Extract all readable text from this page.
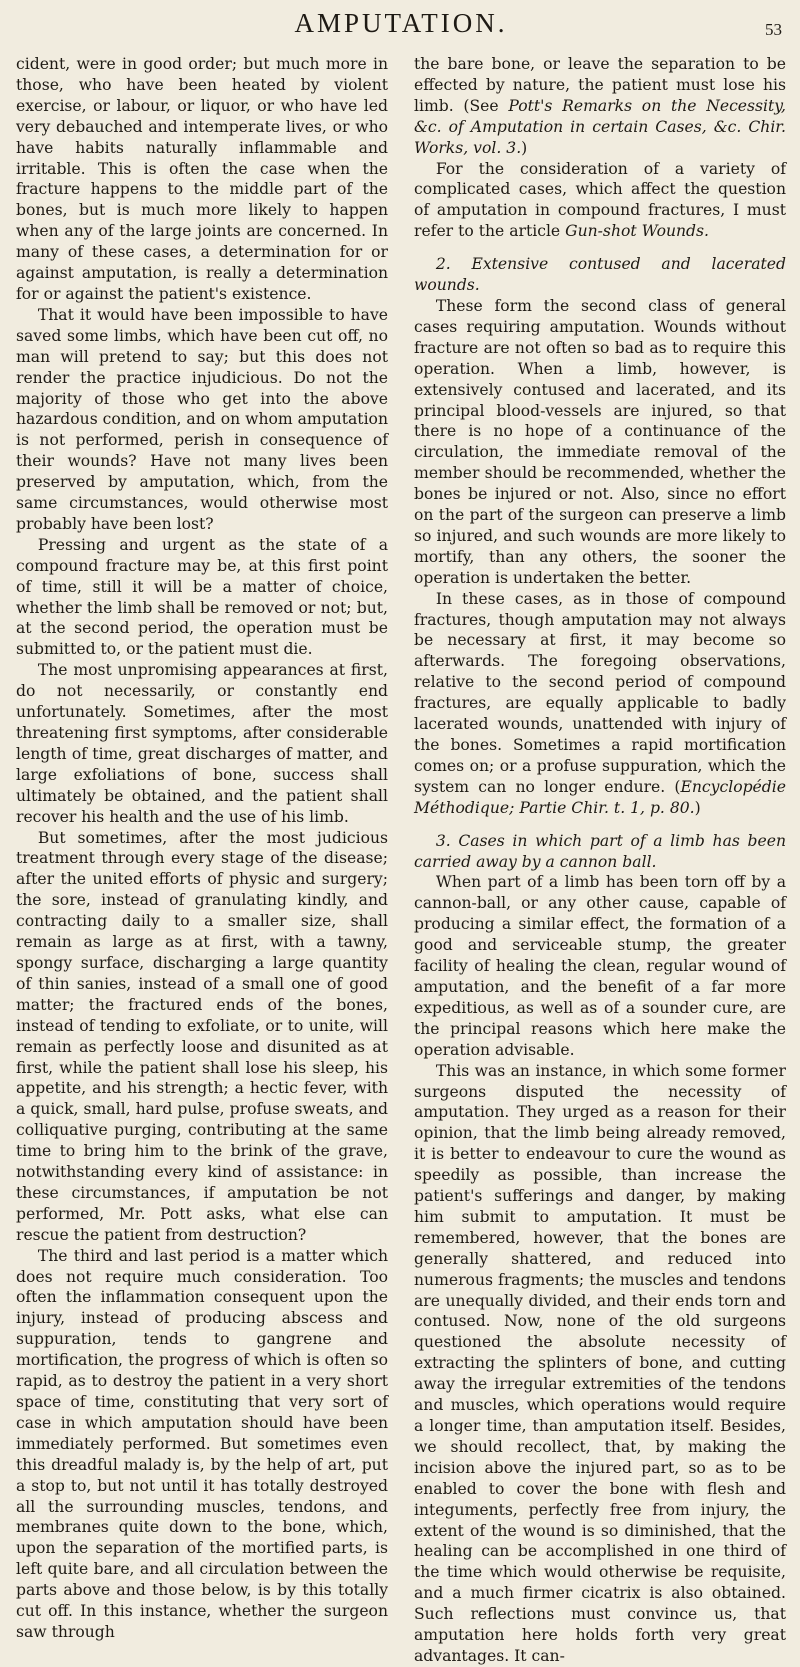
AMPUTATION.	53

cident, were in good order; but much more in those, who have been heated by violent exercise, or labour, or liquor, or who have led very debauched and intemperate lives, or who have habits naturally inflammable and irritable. This is often the case when the fracture happens to the middle part of the bones, but is much more likely to happen when any of the large joints are concerned. In many of these cases, a determination for or against amputation, is really a determination for or against the patient's existence.

That it would have been impossible to have saved some limbs, which have been cut off, no man will pretend to say; but this does not render the practice injudicious. Do not the majority of those who get into the above hazardous condition, and on whom amputation is not performed, perish in consequence of their wounds? Have not many lives been preserved by amputation, which, from the same circumstances, would otherwise most probably have been lost?

Pressing and urgent as the state of a compound fracture may be, at this first point of time, still it will be a matter of choice, whether the limb shall be removed or not; but, at the second period, the operation must be submitted to, or the patient must die.

The most unpromising appearances at first, do not necessarily, or constantly end unfortunately. Sometimes, after the most threatening first symptoms, after considerable length of time, great discharges of matter, and large exfoliations of bone, success shall ultimately be obtained, and the patient shall recover his health and the use of his limb.

But sometimes, after the most judicious treatment through every stage of the disease; after the united efforts of physic and surgery; the sore, instead of granulating kindly, and contracting daily to a smaller size, shall remain as large as at first, with a tawny, spongy surface, discharging a large quantity of thin sanies, instead of a small one of good matter; the fractured ends of the bones, instead of tending to exfoliate, or to unite, will remain as perfectly loose and disunited as at first, while the patient shall lose his sleep, his appetite, and his strength; a hectic fever, with a quick, small, hard pulse, profuse sweats, and colliquative purging, contributing at the same time to bring him to the brink of the grave, notwithstanding every kind of assistance: in these circumstances, if amputation be not performed, Mr. Pott asks, what else can rescue the patient from destruction?

The third and last period is a matter which does not require much consideration. Too often the inflammation consequent upon the injury, instead of producing abscess and suppuration, tends to gangrene and mortification, the progress of which is often so rapid, as to destroy the patient in a very short space of time, constituting that very sort of case in which amputation should have been immediately performed. But sometimes even this dreadful malady is, by the help of art, put a stop to, but not until it has totally destroyed all the surrounding muscles, tendons, and membranes quite down to the bone, which, upon the separation of the mortified parts, is left quite bare, and all circulation between the parts above and those below, is by this totally cut off. In this instance, whether the surgeon saw through

the bare bone, or leave the separation to be effected by nature, the patient must lose his limb. (See Pott's Remarks on the Necessity, &c. of Amputation in certain Cases, &c. Chir. Works, vol. 3.)

For the consideration of a variety of complicated cases, which affect the question of amputation in compound fractures, I must refer to the article Gun-shot Wounds.

2. Extensive contused and lacerated wounds.

These form the second class of general cases requiring amputation. Wounds without fracture are not often so bad as to require this operation. When a limb, however, is extensively contused and lacerated, and its principal blood-vessels are injured, so that there is no hope of a continuance of the circulation, the immediate removal of the member should be recommended, whether the bones be injured or not. Also, since no effort on the part of the surgeon can preserve a limb so injured, and such wounds are more likely to mortify, than any others, the sooner the operation is undertaken the better.

In these cases, as in those of compound fractures, though amputation may not always be necessary at first, it may become so afterwards. The foregoing observations, relative to the second period of compound fractures, are equally applicable to badly lacerated wounds, unattended with injury of the bones. Sometimes a rapid mortification comes on; or a profuse suppuration, which the system can no longer endure. (Encyclopédie Méthodique; Partie Chir. t. 1, p. 80.)

3. Cases in which part of a limb has been carried away by a cannon ball.

When part of a limb has been torn off by a cannon-ball, or any other cause, capable of producing a similar effect, the formation of a good and serviceable stump, the greater facility of healing the clean, regular wound of amputation, and the benefit of a far more expeditious, as well as of a sounder cure, are the principal reasons which here make the operation advisable.

This was an instance, in which some former surgeons disputed the necessity of amputation. They urged as a reason for their opinion, that the limb being already removed, it is better to endeavour to cure the wound as speedily as possible, than increase the patient's sufferings and danger, by making him submit to amputation. It must be remembered, however, that the bones are generally shattered, and reduced into numerous fragments; the muscles and tendons are unequally divided, and their ends torn and contused. Now, none of the old surgeons questioned the absolute necessity of extracting the splinters of bone, and cutting away the irregular extremities of the tendons and muscles, which operations would require a longer time, than amputation itself. Besides, we should recollect, that, by making the incision above the injured part, so as to be enabled to cover the bone with flesh and integuments, perfectly free from injury, the extent of the wound is so diminished, that the healing can be accomplished in one third of the time which would otherwise be requisite, and a much firmer cicatrix is also obtained. Such reflections must convince us, that amputation here holds forth very great advantages. It can-
